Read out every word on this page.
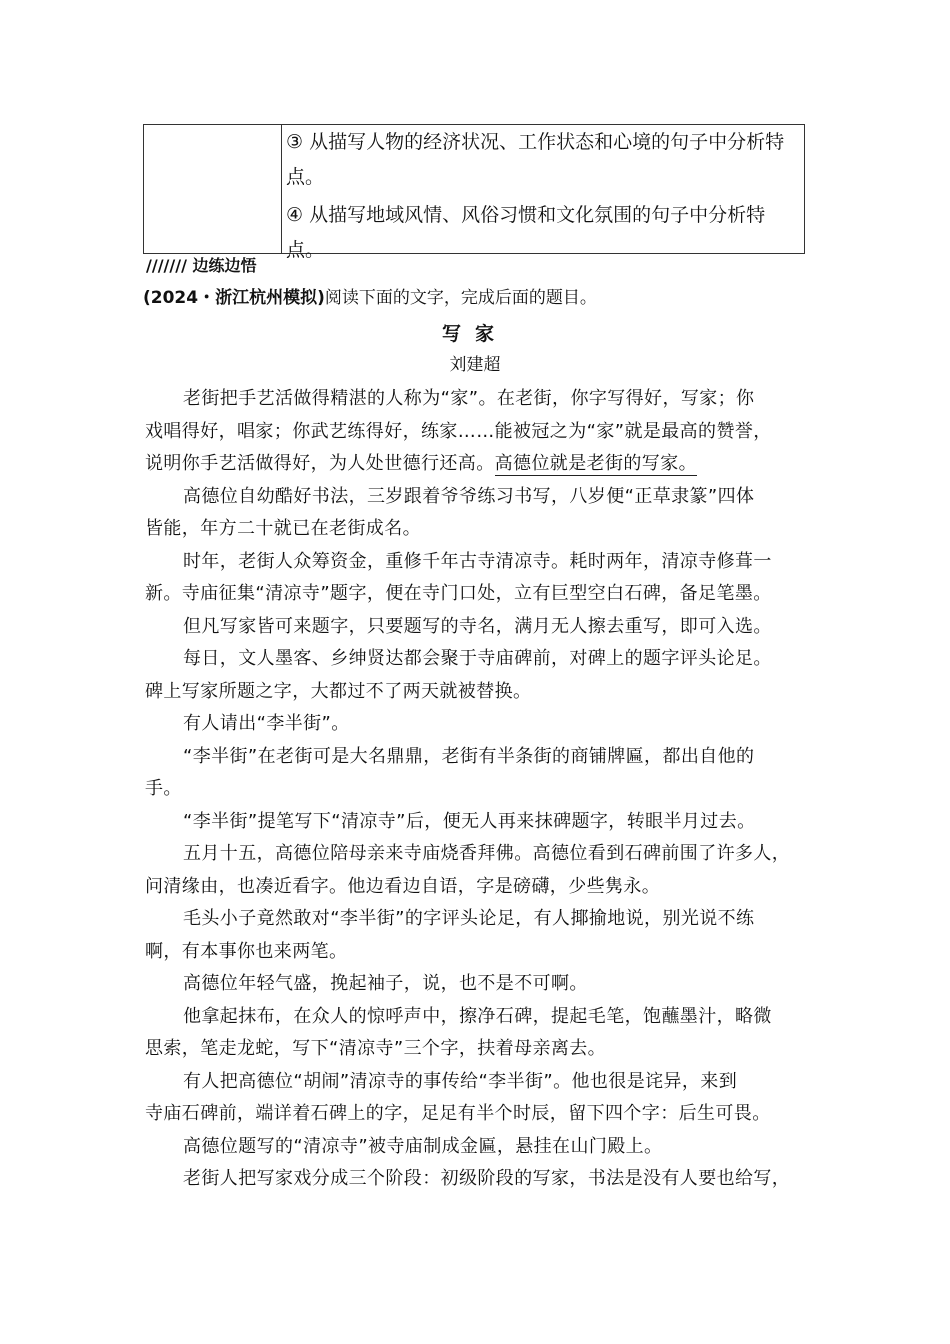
③ 从描写人物的经济状况、工作状态和心境的句子中分析特
点。
④ 从描写地域风情、风俗习惯和文化氛围的句子中分析特
点。
/////// 边练边悟
(2024・浙江杭州模拟)阅读下面的文字，完成后面的题目。
写家
刘建超
老街把手艺活做得精湛的人称为“家”。在老街，你字写得好，写家；你
戏唱得好，唱家；你武艺练得好，练家……能被冠之为“家”就是最高的赞誉，
说明你手艺活做得好，为人处世德行还高。高德位就是老街的写家。
高德位自幼酷好书法，三岁跟着爷爷练习书写，八岁便“正草隶篆”四体
皆能，年方二十就已在老街成名。
时年，老街人众筹资金，重修千年古寺清凉寺。耗时两年，清凉寺修葺一
新。寺庙征集“清凉寺”题字，便在寺门口处，立有巨型空白石碑，备足笔墨。
但凡写家皆可来题字，只要题写的寺名，满月无人擦去重写，即可入选。
每日，文人墨客、乡绅贤达都会聚于寺庙碑前，对碑上的题字评头论足。
碑上写家所题之字，大都过不了两天就被替换。
有人请出“李半街”。
“李半街”在老街可是大名鼎鼎，老街有半条街的商铺牌匾，都出自他的
手。
“李半街”提笔写下“清凉寺”后，便无人再来抹碑题字，转眼半月过去。
五月十五，高德位陪母亲来寺庙烧香拜佛。高德位看到石碑前围了许多人，
问清缘由，也凑近看字。他边看边自语，字是磅礴，少些隽永。
毛头小子竟然敢对“李半街”的字评头论足，有人揶揄地说，别光说不练
啊，有本事你也来两笔。
高德位年轻气盛，挽起袖子，说，也不是不可啊。
他拿起抹布，在众人的惊呼声中，擦净石碑，提起毛笔，饱蘸墨汁，略微
思索，笔走龙蛇，写下“清凉寺”三个字，扶着母亲离去。
有人把高德位“胡闹”清凉寺的事传给“李半街”。他也很是诧异，来到
寺庙石碑前，端详着石碑上的字，足足有半个时辰，留下四个字：后生可畏。
高德位题写的“清凉寺”被寺庙制成金匾，悬挂在山门殿上。
老街人把写家戏分成三个阶段：初级阶段的写家，书法是没有人要也给写，
